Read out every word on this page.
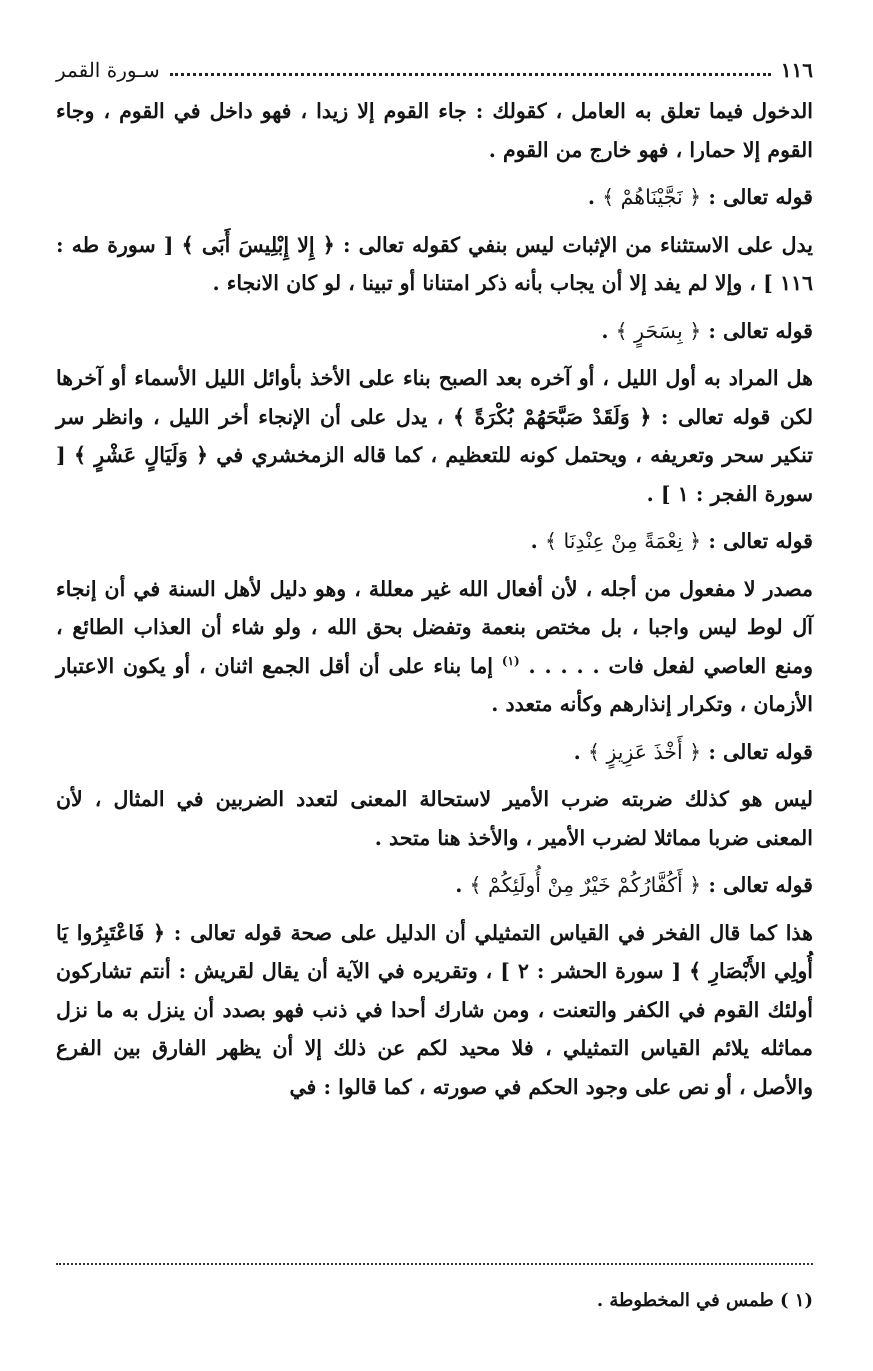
١١٦
سـورة القمر

الدخول فيما تعلق به العامل ، كقولك : جاء القوم إلا زيدا ، فهو داخل في القوم ، وجاء القوم إلا حمارا ، فهو خارج من القوم .

قوله تعالى : ﴿ نَجَّيْنَاهُمْ ﴾ .

يدل على الاستثناء من الإثبات ليس بنفي كقوله تعالى : ﴿ إِلا إِبْلِيسَ أَبَى ﴾ [ سورة طه : ١١٦ ] ، وإلا لم يفد إلا أن يجاب بأنه ذكر امتنانا أو تبينا ، لو كان الانجاء .

قوله تعالى : ﴿ بِسَحَرٍ ﴾ .

هل المراد به أول الليل ، أو آخره بعد الصبح بناء على الأخذ بأوائل الليل الأسماء أو آخرها لكن قوله تعالى : ﴿ وَلَقَدْ صَبَّحَهُمْ بُكْرَةً ﴾ ، يدل على أن الإنجاء أخر الليل ، وانظر سر تنكير سحر وتعريفه ، ويحتمل كونه للتعظيم ، كما قاله الزمخشري في ﴿ وَلَيَالٍ عَشْرٍ ﴾ [ سورة الفجر : ١ ] .

قوله تعالى : ﴿ نِعْمَةً مِنْ عِنْدِنَا ﴾ .

مصدر لا مفعول من أجله ، لأن أفعال الله غير معللة ، وهو دليل لأهل السنة في أن إنجاء آل لوط ليس واجبا ، بل مختص بنعمة وتفضل بحق الله ، ولو شاء أن العذاب الطائع ، ومنع العاصي لفعل فات . . . . . $^{(١)}$ إما بناء على أن أقل الجمع اثنان ، أو يكون الاعتبار الأزمان ، وتكرار إنذارهم وكأنه متعدد .

قوله تعالى : ﴿ أَخْذَ عَزِيزٍ ﴾ .

ليس هو كذلك ضربته ضرب الأمير لاستحالة المعنى لتعدد الضربين في المثال ، لأن المعنى ضربا مماثلا لضرب الأمير ، والأخذ هنا متحد .

قوله تعالى : ﴿ أَكُفَّارُكُمْ خَيْرٌ مِنْ أُولَئِكُمْ ﴾ .

هذا كما قال الفخر في القياس التمثيلي أن الدليل على صحة قوله تعالى : ﴿ فَاعْتَبِرُوا يَا أُولِي الأَبْصَارِ ﴾ [ سورة الحشر : ٢ ] ، وتقريره في الآية أن يقال لقريش : أنتم تشاركون أولئك القوم في الكفر والتعنت ، ومن شارك أحدا في ذنب فهو بصدد أن ينزل به ما نزل مماثله يلائم القياس التمثيلي ، فلا محيد لكم عن ذلك إلا أن يظهر الفارق بين الفرع والأصل ، أو نص على وجود الحكم في صورته ، كما قالوا : في

(١ ) طمس في المخطوطة .
